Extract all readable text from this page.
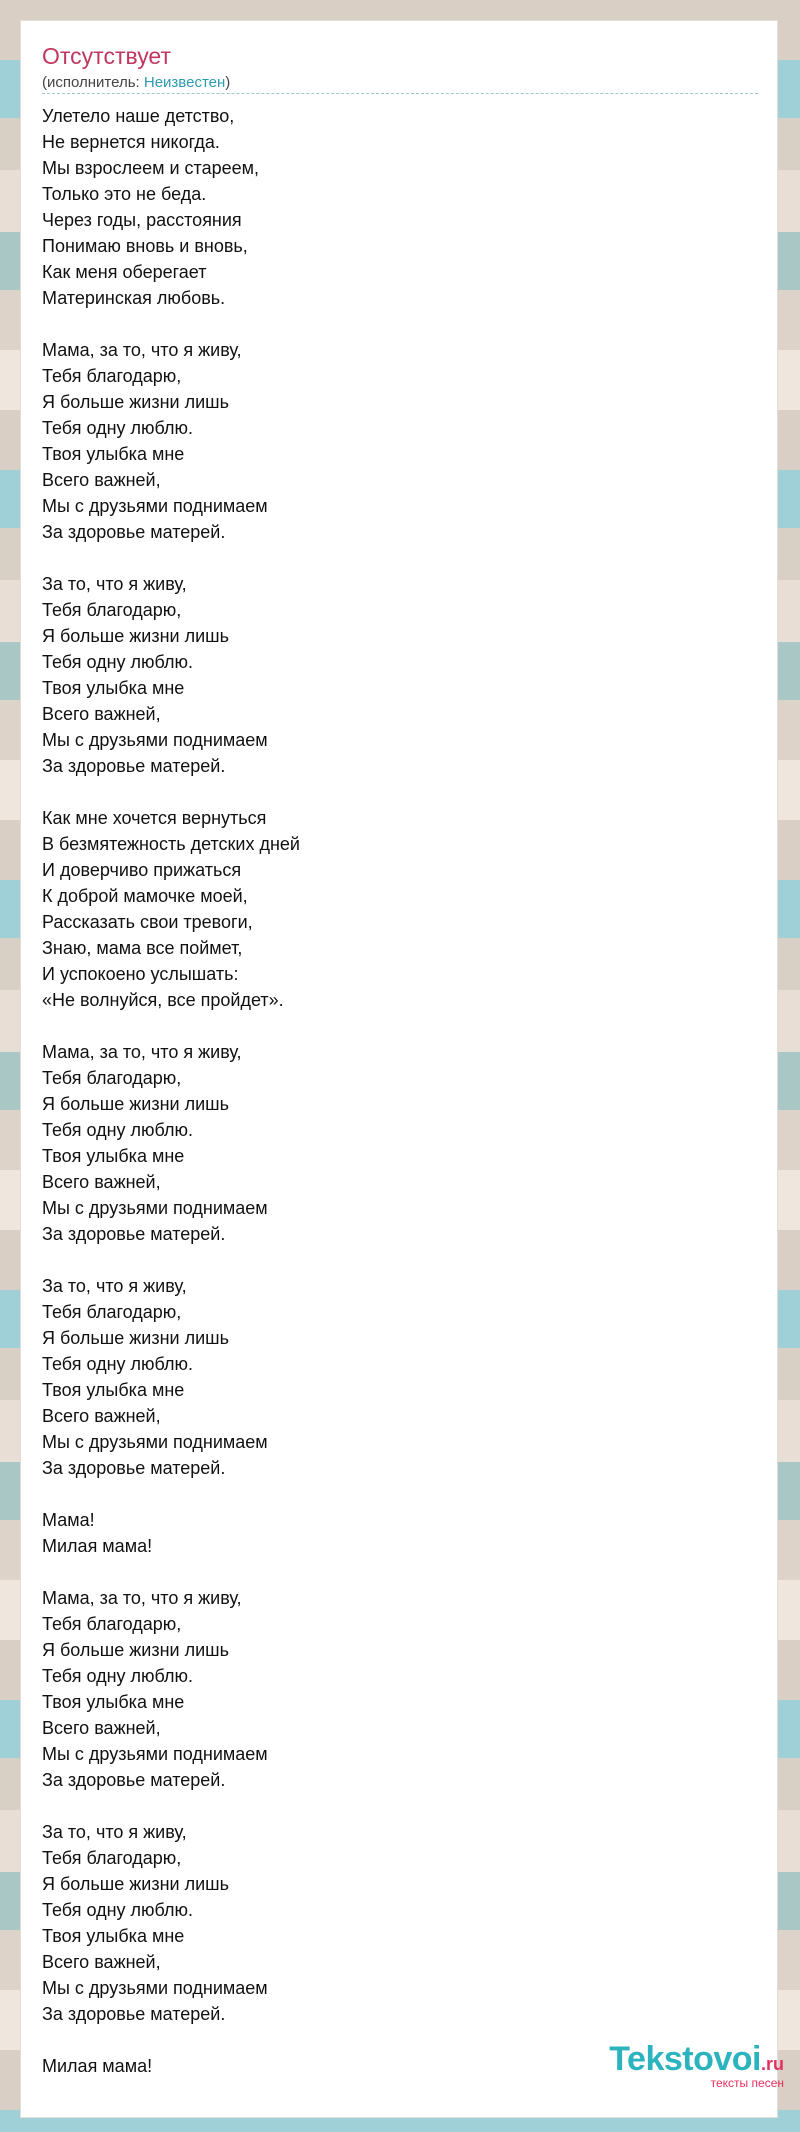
Отсутствует
(исполнитель: Неизвестен)
Улетело наше детство,
Не вернется никогда.
Мы взрослеем и стареем,
Только это не беда.
Через годы, расстояния
Понимаю вновь и вновь,
Как меня оберегает
Материнская любовь.

Мама, за то, что я живу,
Тебя благодарю,
Я больше жизни лишь
Тебя одну люблю.
Твоя улыбка мне
Всего важней,
Мы с друзьями поднимаем
За здоровье матерей.

За то, что я живу,
Тебя благодарю,
Я больше жизни лишь
Тебя одну люблю.
Твоя улыбка мне
Всего важней,
Мы с друзьями поднимаем
За здоровье матерей.

Как мне хочется вернуться
В безмятежность детских дней
И доверчиво прижаться
К доброй мамочке моей,
Рассказать свои тревоги,
Знаю, мама все поймет,
И успокоено услышать:
«Не волнуйся, все пройдет».

Мама, за то, что я живу,
Тебя благодарю,
Я больше жизни лишь
Тебя одну люблю.
Твоя улыбка мне
Всего важней,
Мы с друзьями поднимаем
За здоровье матерей.

За то, что я живу,
Тебя благодарю,
Я больше жизни лишь
Тебя одну люблю.
Твоя улыбка мне
Всего важней,
Мы с друзьями поднимаем
За здоровье матерей.

Мама!
Милая мама!

Мама, за то, что я живу,
Тебя благодарю,
Я больше жизни лишь
Тебя одну люблю.
Твоя улыбка мне
Всего важней,
Мы с друзьями поднимаем
За здоровье матерей.

За то, что я живу,
Тебя благодарю,
Я больше жизни лишь
Тебя одну люблю.
Твоя улыбка мне
Всего важней,
Мы с друзьями поднимаем
За здоровье матерей.

Милая мама!	Tekstovoi.ru
тексты песен
